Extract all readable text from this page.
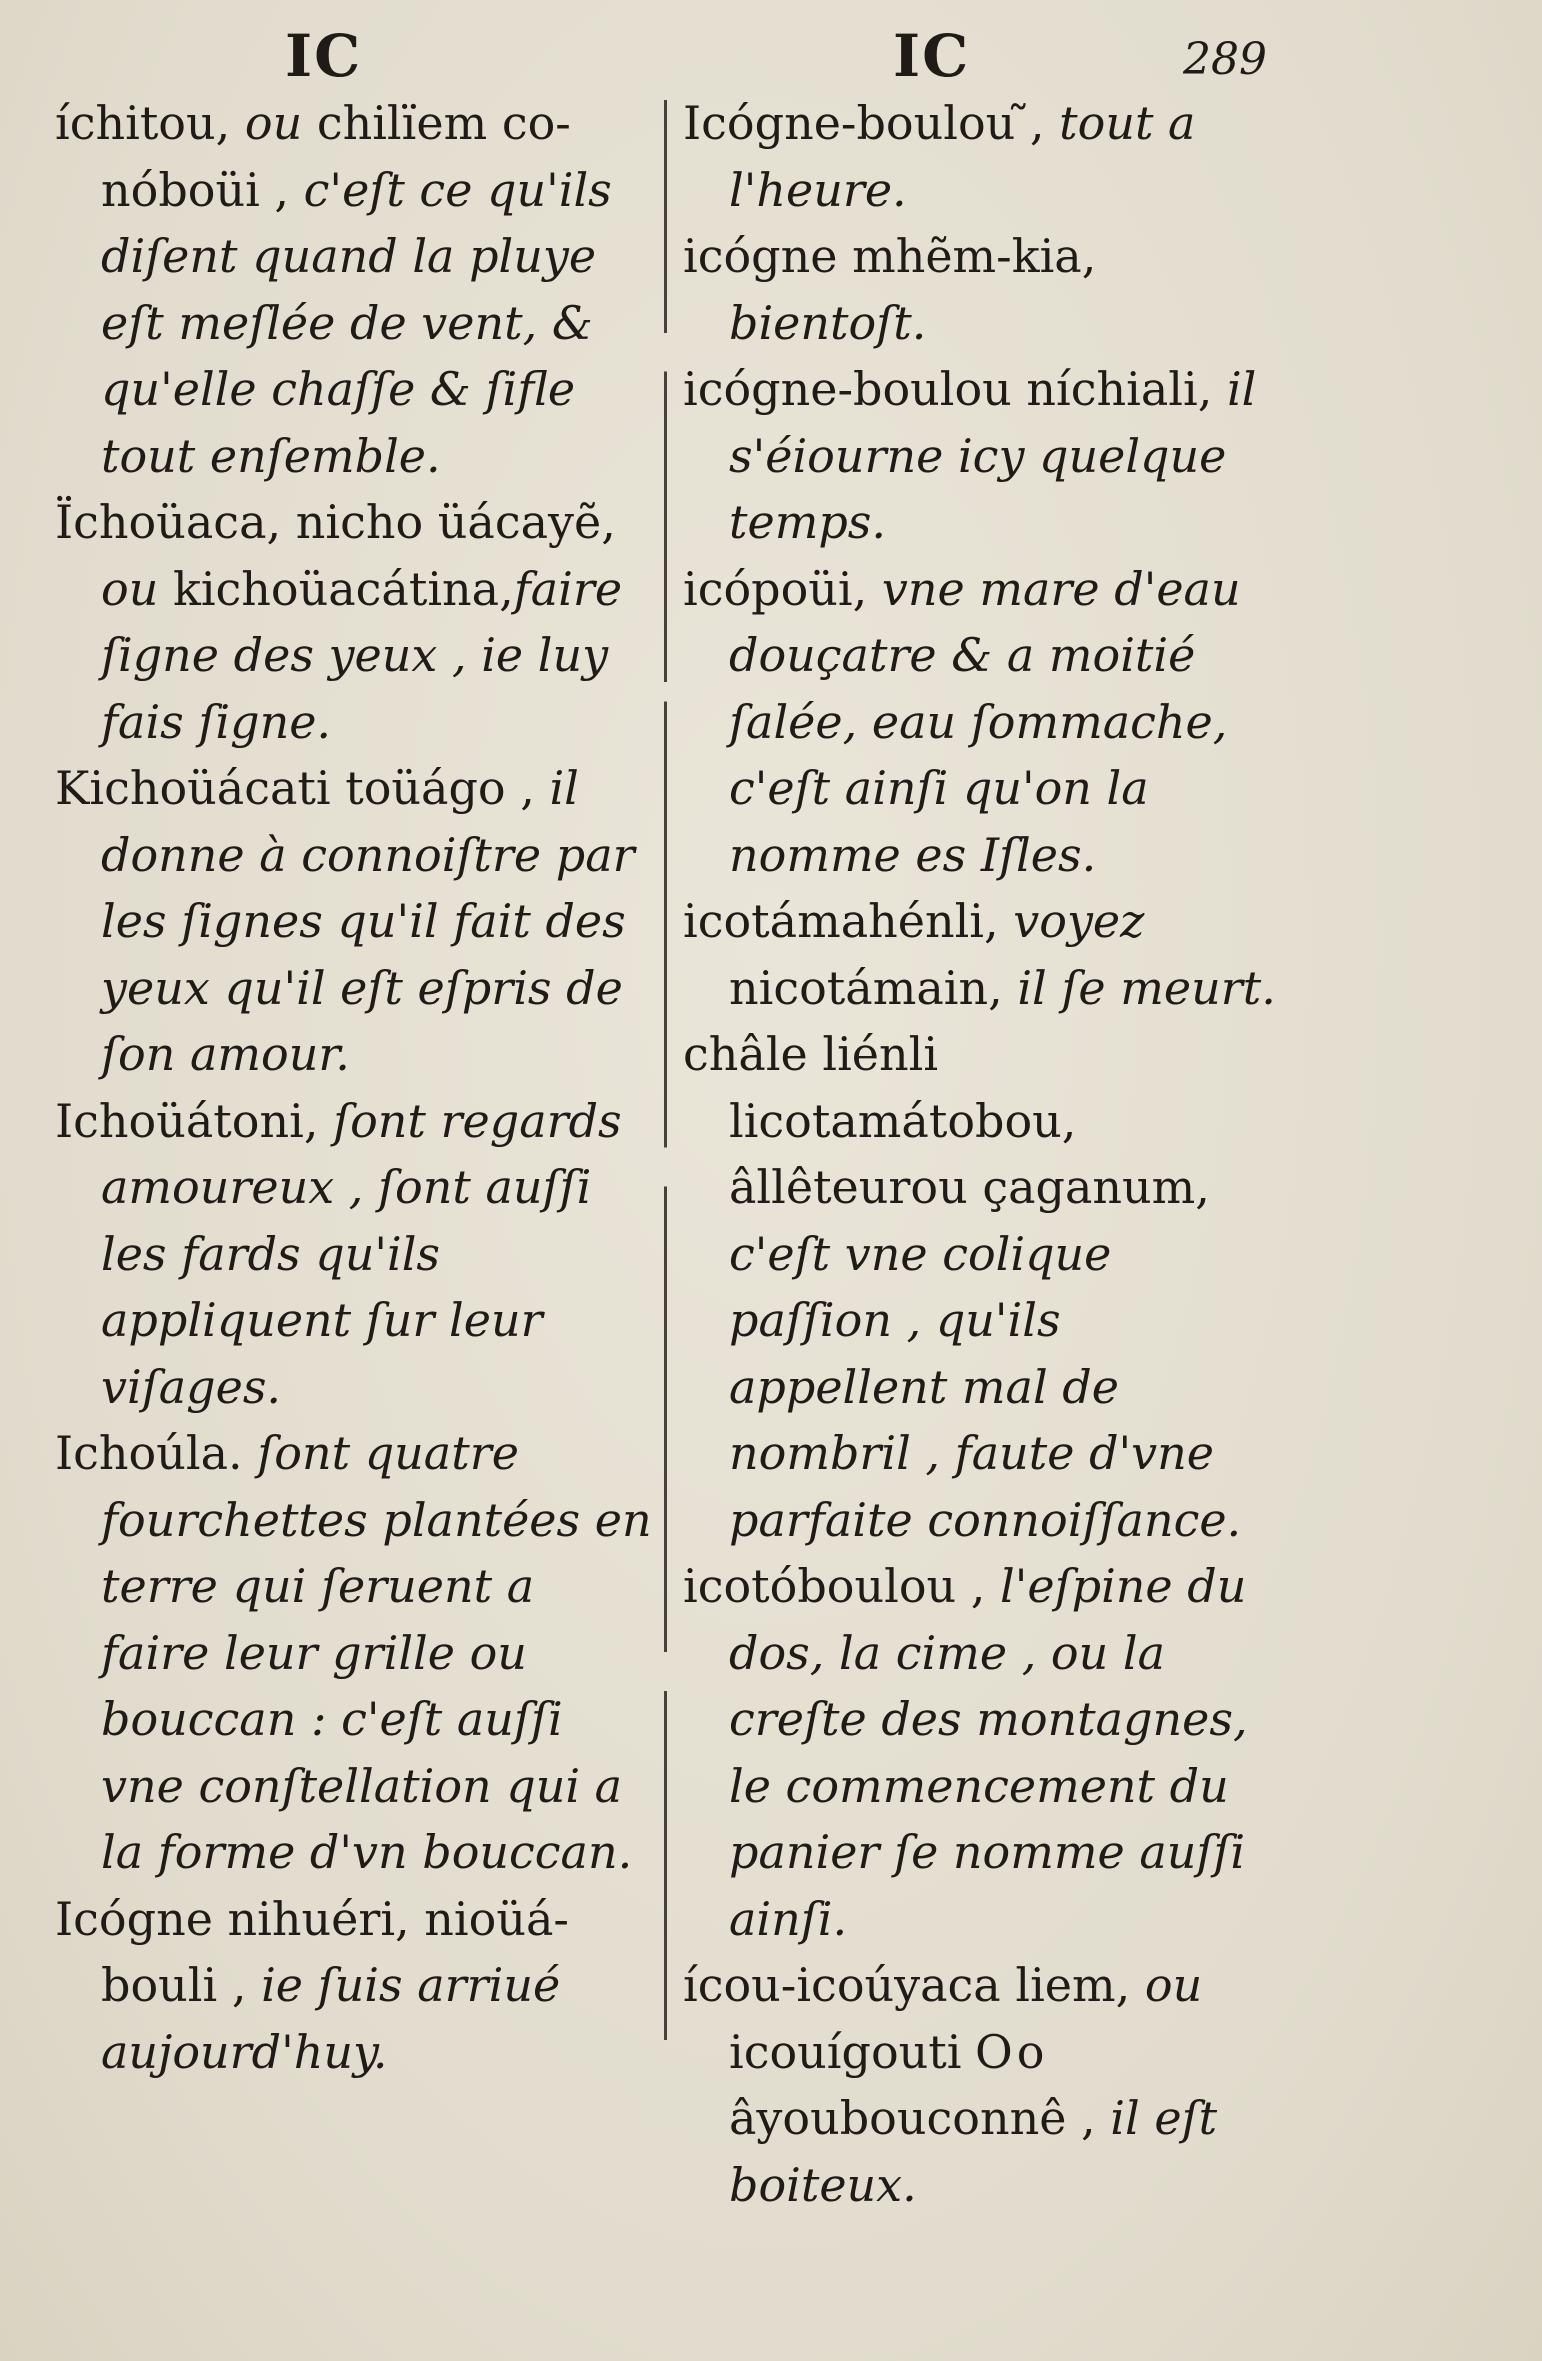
IC	IC	289

íchitou, ou chilïem co-nóboüi , c'eſt ce qu'ils diſent quand la pluye eſt meſlée de vent, & qu'elle chaſſe & ſifle tout enſemble.

Ïchoüaca, nicho üácayẽ, ou kichoüacátina,faire ſigne des yeux , ie luy fais ſigne.

Kichoüácati toüágo , il donne à connoiſtre par les ſignes qu'il fait des yeux qu'il eſt eſpris de ſon amour.

Ichoüátoni, ſont regards amoureux , ſont auſſi les fards qu'ils appliquent ſur leur viſages.

Ichoúla. ſont quatre fourchettes plantées en terre qui ſeruent a faire leur grille ou bouccan : c'eſt auſſi vne conſtellation qui a la forme d'vn bouccan.

Icógne nihuéri, nioüá-bouli , ie ſuis arriué aujourd'huy.

Icógne-boulou ̃, tout a l'heure.

icógne mhẽm-kia, bientoſt.

icógne-boulou níchiali, il s'éiourne icy quelque temps.

icópoüi, vne mare d'eau douçatre & a moitié ſalée, eau ſommache, c'eſt ainſi qu'on la nomme es Iſles.

icotámahénli, voyez nicotámain, il ſe meurt.

châle liénli licotamátobou, âllêteurou çaganum, c'eſt vne colique paſſion , qu'ils appellent mal de nombril , faute d'vne parfaite connoiſſance.

icotóboulou , l'eſpine du dos, la cime , ou la creſte des montagnes, le commencement du panier ſe nomme auſſi ainſi.

ícou-icoúyaca liem, ou icouígouti âyoubouconnê , il eſt boiteux.

Oo
